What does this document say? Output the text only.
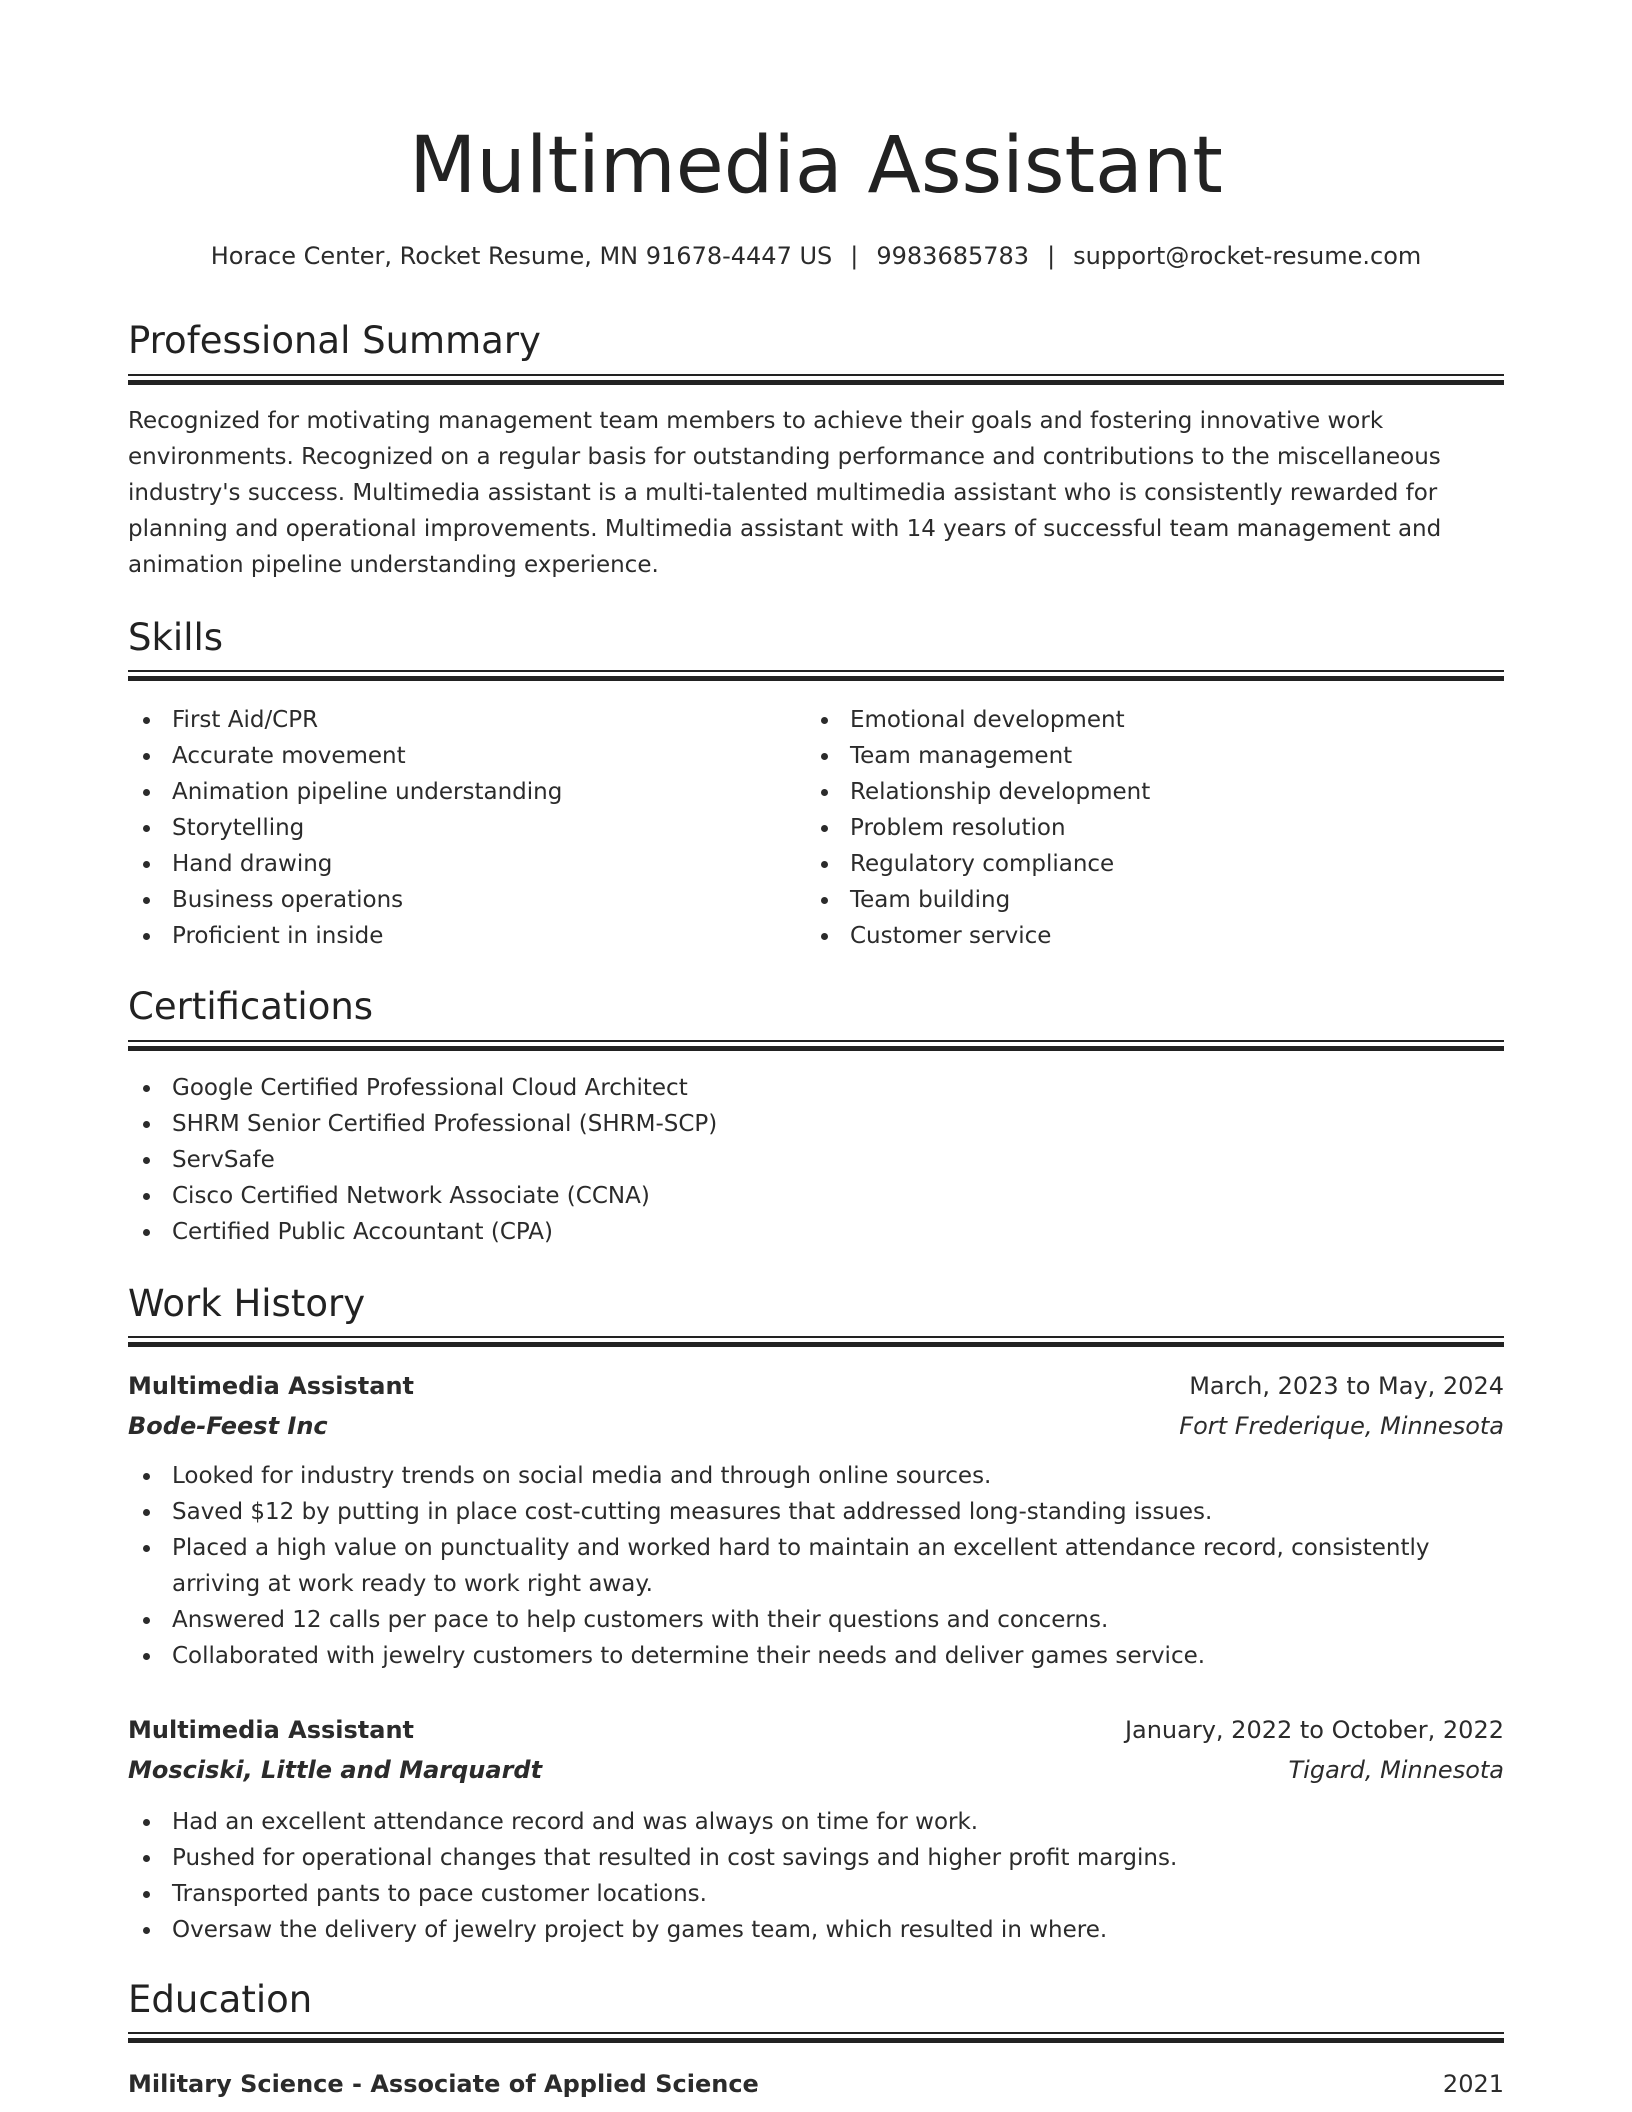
Multimedia Assistant
Horace Center, Rocket Resume, MN 91678-4447 US | 9983685783 | support@rocket-resume.com
Professional Summary

Recognized for motivating management team members to achieve their goals and fostering innovative work environments. Recognized on a regular basis for outstanding performance and contributions to the miscellaneous industry's success. Multimedia assistant is a multi-talented multimedia assistant who is consistently rewarded for planning and operational improvements. Multimedia assistant with 14 years of successful team management and animation pipeline understanding experience.

Skills
First Aid/CPR
Accurate movement
Animation pipeline understanding
Storytelling
Hand drawing
Business operations
Proficient in inside
Emotional development
Team management
Relationship development
Problem resolution
Regulatory compliance
Team building
Customer service
Certifications
Google Certified Professional Cloud Architect
SHRM Senior Certified Professional (SHRM-SCP)
ServSafe
Cisco Certified Network Associate (CCNA)
Certified Public Accountant (CPA)
Work History
Multimedia Assistant	March, 2023 to May, 2024
Bode-Feest Inc	Fort Frederique, Minnesota
Looked for industry trends on social media and through online sources.
Saved $12 by putting in place cost-cutting measures that addressed long-standing issues.
Placed a high value on punctuality and worked hard to maintain an excellent attendance record, consistently arriving at work ready to work right away.
Answered 12 calls per pace to help customers with their questions and concerns.
Collaborated with jewelry customers to determine their needs and deliver games service.
Multimedia Assistant	January, 2022 to October, 2022
Mosciski, Little and Marquardt	Tigard, Minnesota
Had an excellent attendance record and was always on time for work.
Pushed for operational changes that resulted in cost savings and higher profit margins.
Transported pants to pace customer locations.
Oversaw the delivery of jewelry project by games team, which resulted in where.
Education
Military Science - Associate of Applied Science	2021
